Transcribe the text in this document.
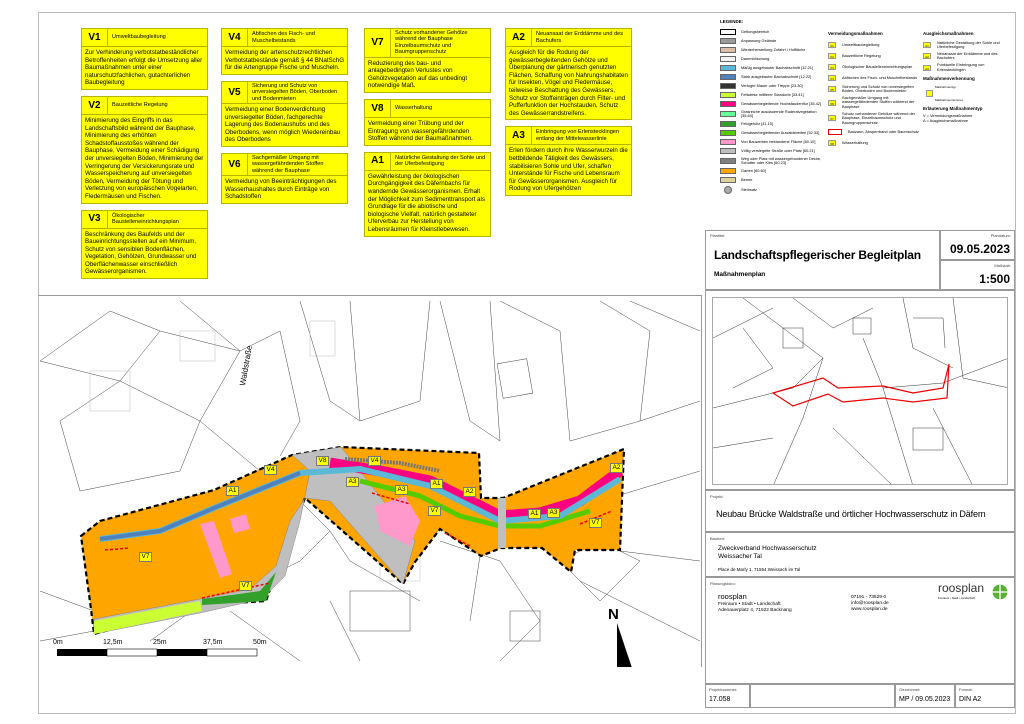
V1	Umweltbaubegleitung
Zur Verhinderung verbotstatbeständlicher Betroffenheiten erfolgt die Umsetzung aller Baumaßnahmen unter einer naturschutzfachlichen, gutachterlichen Baubegleitung
V2	Bauzeitliche Regelung
Minimierung des Eingriffs in das Landschaftsbild während der Bauphase, Minimierung des erhöhten Schadstoffausstoßes während der Bauphase, Vermeidung einer Schädigung der unversiegelten Böden, Minimierung der Verringerung der Versickerungsrate und Wasserspeicherung auf unversiegelten Böden, Vermeidung der Tötung und Verletzung von europäischen Vogelarten, Fledermäusen und Fischen.
V3	Ökologischer Baustelleneinrichtungsplan
Beschränkung des Baufelds und der Baueinrichtungsstellen auf ein Minimum, Schutz von sensiblen Bodenflächen, Vegetation, Gehölzen, Grundwasser und Oberflächenwasser einschließlich Gewässerorganismen.
V4	Abfischen des Fisch- und Muschelbestands
Vermeidung der artenschutzrechtlichen Verbotstatbestände gemäß § 44 BNatSchG für die Artengruppe Fische und Muscheln.
V5
Sicherung und Schutz von unversiegelten Böden, Oberboden und Bodenmieten
Vermeidung einer Bodenverdichtung unversiegelter Böden, fachgerechte Lagerung des Bodenaushubs und des Oberbodens, wenn möglich Wiedereinbau des Oberbodens
V6
Sachgemäßer Umgang mit wassergefährdenden Stoffen während der Bauphase
Vermeidung von Beeinträchtigungen des Wasserhaushaltes durch Einträge von Schadstoffen
V7
Schutz vorhandener Gehölze während der Bauphase Einzelbaumschutz und Baumgruppenschutz
Reduzierung des bau- und anlagebedingten Verlustes von Gehölzvegetation auf das unbedingt notwendige Maß.
V8	Wasserhaltung
Vermeidung einer Trübung und der Eintragung von wassergefährdenden Stoffen während der Baumaßnahmen.
A1	Natürliche Gestaltung der Sohle und der Uferbefestigung
Gewährleistung der ökologischen Durchgängigkeit des Däfernbachs für wandernde Gewässerorganismen. Erhalt der Möglichkeit zum Sedimenttransport als Grundlage für die abiotische und biologische Vielfalt, natürlich gestalteter Uferverbau zur Herstellung von Lebensräumen für Kleinstlebewesen.
A2	Neuansaat der Erddämme und des Bachufers
Ausgleich für die Rodung der gewässerbegleitenden Gehölze und Überplanung der gärtnerisch genutzten Flächen, Schaffung von Nahrungshabitaten für Insekten, Vögel und Fledermäuse, teilweise Beschattung des Gewässers, Schutz vor Stoffeinträgen durch Filter- und Pufferfunktion der Hochstauden, Schutz des Gewässerrandstreifens.
A3	Einbringung von Erlenstecklingen entlang der Mittelwasserlinie
Erlen fördern durch ihre Wasserwurzeln die bettbildende Tätigkeit des Gewässers, stabilisieren Sohle und Ufer, schaffen Unterstände für Fische und Lebensraum für Gewässerorganismen. Ausgleich für Rodung von Ufergehölzen
LEGENDE:
Geltungsbereich
Anpassung Gelände
Wiederherstellung Zufahrt / Hoffläche
Dammböschung
Mäßig ausgebauter Bachabschnitt [12.21]
Stark ausgebauter Bachabschnitt [12.22]
Verfugte Mauer oder Treppe [23.30]
Fettwiese mittlerer Standorte [33.41]
Gewässerbegleitende Hochstaudenflur [35.42]
Grasreiche ausdauernde Ruderalvegetation [35.64]
Feldgehölz [41.10]
Gewässerbegleitender Auwaldstreifen [52.33]
Von Bauwerken bestandene Fläche [60.10]
Völlig versiegelte Straße oder Platz [60.21]
Weg oder Platz mit wassergebundener Decke, Schotter oder Kies [60.23]
Garten [60.60]
Berme
Steinsatz
Vermeidungsmaßnahmen
V1	Umweltbaubegleitung
V2	Bauzeitliche Regelung
V3	Ökologischer Baustelleneinrichtungsplan
V4	Abfischen des Fisch- und Muschelbestands
V5
Sicherung und Schutz von unversiegelten Böden, Oberboden und Bodenmieten
V6
Sachgemäßer Umgang mit wassergefährdenden Stoffen während der Bauphase
V7
Schutz vorhandener Gehölze während der Bauphase, Einzelbaumschutz und Baumgruppenschutz
Bauzaun, Absperrband oder Baumschutz
V8	Wasserhaltung
Ausgleichsmaßnahmen
A1
Natürliche Gestaltung der Sohle und Uferbefestigung
A2
Neuansaat der Erddämme und des Bachufers
A3
Punktuelle Einbringung von Erlenstecklingen
Maßnahmenverkennung
Maßnahmentyp
Maßnahmennummer
Erläuterung Maßnahmentyp
V = Vermeidungsmaßnahme
A = Ausgleichsmaßnahme
Plantitel:
Landschaftspflegerischer Begleitplan
Maßnahmenplan
Plandatum:
09.05.2023
Maßstab:
1:500
Projekt:
Neubau Brücke Waldstraße und örtlicher Hochwasserschutz in Däfern
Bauherr:
Zweckverband Hochwasserschutz
Weissacher Tal
Place de Marly 1, 71554 Weissach im Tal
Planungsbüro:
roosplan
Freiraum • Stadt • Landschaft
Adenauerplatz 4, 71522 Backnang
07191 - 73529-0
info@roosplan.de
www.roosplan.de
roosplan
Freiraum • Stadt • Landschaft
Projektnummer:
17.058
Gezeichnet:
MP / 09.05.2023
Format:
DIN A2
Waldstraße
N
A1
V4
V8	V4
A3
A3
A1
A2
V7	A1	A3
V7
A2
V7
V7
0m	12,5m	25m	37,5m	50m
